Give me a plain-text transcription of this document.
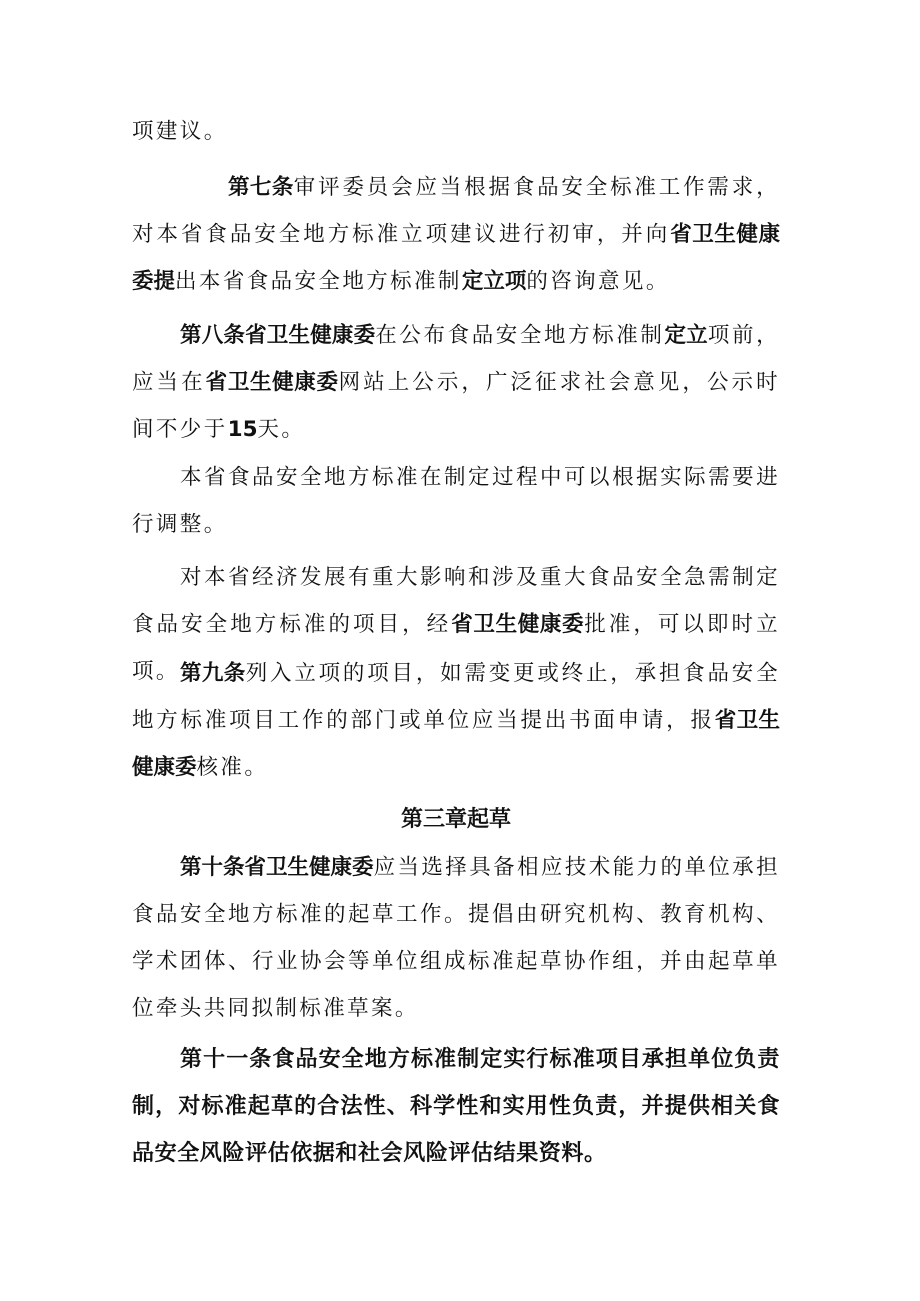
项建议。

第七条审评委员会应当根据食品安全标准工作需求，对本省食品安全地方标准立项建议进行初审，并向省卫生健康委提出本省食品安全地方标准制定立项的咨询意见。

第八条省卫生健康委在公布食品安全地方标准制定立项前，应当在省卫生健康委网站上公示，广泛征求社会意见，公示时间不少于15天。

本省食品安全地方标准在制定过程中可以根据实际需要进行调整。

对本省经济发展有重大影响和涉及重大食品安全急需制定食品安全地方标准的项目，经省卫生健康委批准，可以即时立项。 第九条列入立项的项目，如需变更或终止，承担食品安全地方标准项目工作的部门或单位应当提出书面申请，报省卫生健康委核准。

第三章起草

第十条省卫生健康委应当选择具备相应技术能力的单位承担食品安全地方标准的起草工作。提倡由研究机构、教育机构、学术团体、行业协会等单位组成标准起草协作组，并由起草单位牵头共同拟制标准草案。

第十一条食品安全地方标准制定实行标准项目承担单位负责制，对标准起草的合法性、科学性和实用性负责，并提供相关食品安全风险评估依据和社会风险评估结果资料。
